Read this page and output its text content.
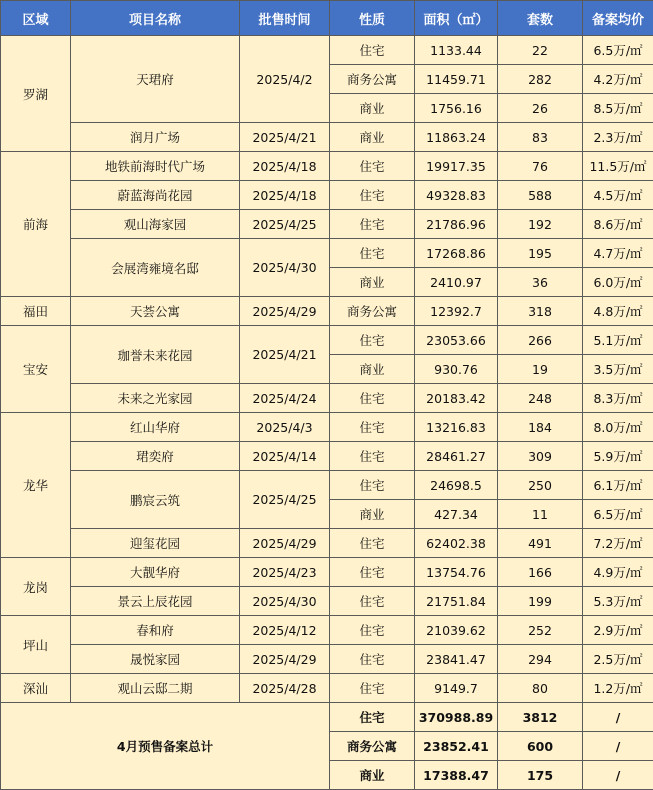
区域	项目名称	批售时间	性质	面积（㎡）	套数	备案均价
罗湖	天珺府	2025/4/2	住宅	1133.44	22	6.5万/㎡
			商务公寓	11459.71	282	4.2万/㎡
			商业	1756.16	26	8.5万/㎡
	润月广场	2025/4/21	商业	11863.24	83	2.3万/㎡
前海	地铁前海时代广场	2025/4/18	住宅	19917.35	76	11.5万/㎡
	蔚蓝海尚花园	2025/4/18	住宅	49328.83	588	4.5万/㎡
	观山海家园	2025/4/25	住宅	21786.96	192	8.6万/㎡
	会展湾雍境名邸	2025/4/30	住宅	17268.86	195	4.7万/㎡
			商业	2410.97	36	6.0万/㎡
福田	天荟公寓	2025/4/29	商务公寓	12392.7	318	4.8万/㎡
宝安	珈誉未来花园	2025/4/21	住宅	23053.66	266	5.1万/㎡
			商业	930.76	19	3.5万/㎡
	未来之光家园	2025/4/24	住宅	20183.42	248	8.3万/㎡
龙华	红山华府	2025/4/3	住宅	13216.83	184	8.0万/㎡
	珺奕府	2025/4/14	住宅	28461.27	309	5.9万/㎡
	鹏宸云筑	2025/4/25	住宅	24698.5	250	6.1万/㎡
			商业	427.34	11	6.5万/㎡
	迎玺花园	2025/4/29	住宅	62402.38	491	7.2万/㎡
龙岗	大靓华府	2025/4/23	住宅	13754.76	166	4.9万/㎡
	景云上辰花园	2025/4/30	住宅	21751.84	199	5.3万/㎡
坪山	春和府	2025/4/12	住宅	21039.62	252	2.9万/㎡
	晟悦家园	2025/4/29	住宅	23841.47	294	2.5万/㎡
深汕	观山云邸二期	2025/4/28	住宅	9149.7	80	1.2万/㎡
4月预售备案总计			住宅	370988.89	3812	/
			商务公寓	23852.41	600	/
			商业	17388.47	175	/
